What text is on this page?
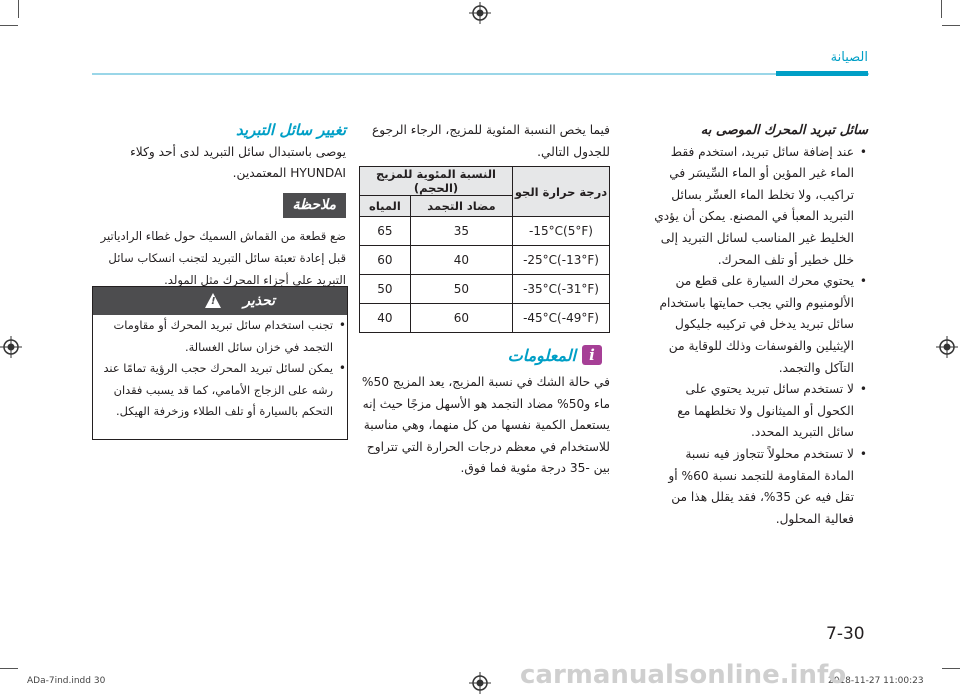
الصيانة

سائل تبريد المحرك الموصى به

• عند إضافة سائل تبريد، استخدم فقط الماء غير المؤين أو الماء السِّيسَر في تراكيب، ولا تخلط الماء العسِّر بسائل التبريد المعبأ في المصنع. يمكن أن يؤدي الخليط غير المناسب لسائل التبريد إلى خلل خطير أو تلف المحرك.
• يحتوي محرك السيارة على قطع من الألومنيوم والتي يجب حمايتها باستخدام سائل تبريد يدخل في تركيبه جليكول الإيثيلين والفوسفات وذلك للوقاية من التآكل والتجمد.
• لا تستخدم سائل تبريد يحتوي على الكحول أو الميثانول ولا تخلطهما مع سائل التبريد المحدد.
• لا تستخدم محلولاً تتجاوز فيه نسبة المادة المقاومة للتجمد نسبة 60% أو تقل فيه عن 35%، فقد يقلل هذا من فعالية المحلول.

فيما يخص النسبة المئوية للمزيج، الرجاء الرجوع للجدول التالي.

درجة حرارة الجو	النسبة المئوية للمزيج (الحجم)	
	مضاد التجمد	المياه
-15°C(5°F)	35	65
-25°C(-13°F)	40	60
-35°C(-31°F)	50	50
-45°C(-49°F)	60	40
i
المعلومات

في حالة الشك في نسبة المزيج، يعد المزيج 50% ماء و50% مضاد التجمد هو الأسهل مزجًا حيث إنه يستعمل الكمية نفسها من كل منهما، وهي مناسبة للاستخدام في معظم درجات الحرارة التي تتراوح بين -35 درجة مئوية فما فوق.

تغيير سائل التبريد

يوصى باستبدال سائل التبريد لدى أحد وكلاء HYUNDAI المعتمدين.

ملاحظة

ضع قطعة من القماش السميك حول غطاء الرادياتير قبل إعادة تعبئة سائل التبريد لتجنب انسكاب سائل التبريد على أجزاء المحرك مثل المولد.

! تحذير
• تجنب استخدام سائل تبريد المحرك أو مقاومات التجمد في خزان سائل الغسالة.
• يمكن لسائل تبريد المحرك حجب الرؤية تمامًا عند رشه على الزجاج الأمامي، كما قد يسبب فقدان التحكم بالسيارة أو تلف الطلاء وزخرفة الهيكل.
7-30
ADa-7ind.indd 30	2018-11-27 11:00:23
carmanualsonline.info
